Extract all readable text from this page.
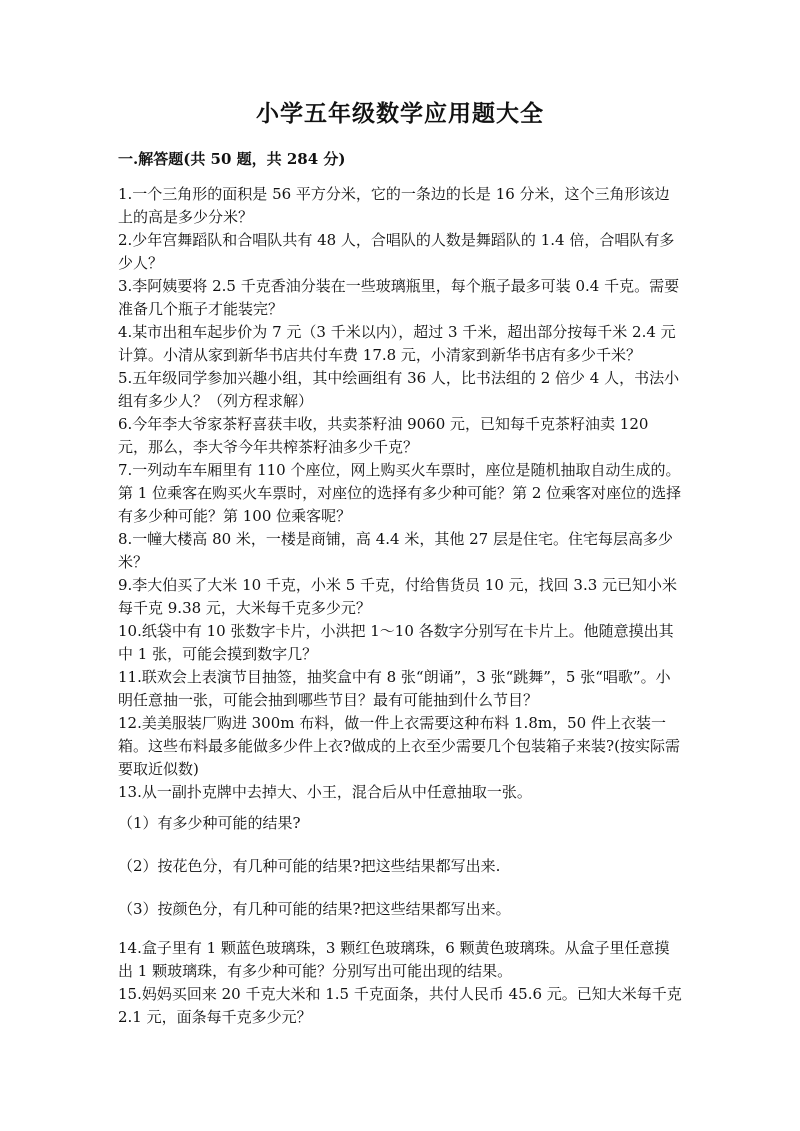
小学五年级数学应用题大全
一.解答题(共 50 题，共 284 分)

1.一个三角形的面积是 56 平方分米，它的一条边的长是 16 分米，这个三角形该边上的高是多少分米？

2.少年宫舞蹈队和合唱队共有 48 人，合唱队的人数是舞蹈队的 1.4 倍，合唱队有多少人？

3.李阿姨要将 2.5 千克香油分装在一些玻璃瓶里，每个瓶子最多可装 0.4 千克。需要准备几个瓶子才能装完？

4.某市出租车起步价为 7 元（3 千米以内），超过 3 千米，超出部分按每千米 2.4 元计算。小清从家到新华书店共付车费 17.8 元，小清家到新华书店有多少千米？

5.五年级同学参加兴趣小组，其中绘画组有 36 人，比书法组的 2 倍少 4 人，书法小组有多少人？（列方程求解）

6.今年李大爷家茶籽喜获丰收，共卖茶籽油 9060 元，已知每千克茶籽油卖 120 元，那么，李大爷今年共榨茶籽油多少千克？

7.一列动车车厢里有 110 个座位，网上购买火车票时，座位是随机抽取自动生成的。第 1 位乘客在购买火车票时，对座位的选择有多少种可能？第 2 位乘客对座位的选择有多少种可能？第 100 位乘客呢？

8.一幢大楼高 80 米，一楼是商铺，高 4.4 米，其他 27 层是住宅。住宅每层高多少米？

9.李大伯买了大米 10 千克，小米 5 千克，付给售货员 10 元，找回 3.3 元已知小米每千克 9.38 元，大米每千克多少元？

10.纸袋中有 10 张数字卡片，小洪把 1～10 各数字分别写在卡片上。他随意摸出其中 1 张，可能会摸到数字几？

11.联欢会上表演节目抽签，抽奖盒中有 8 张“朗诵”，3 张“跳舞”，5 张“唱歌”。小明任意抽一张，可能会抽到哪些节目？最有可能抽到什么节目？

12.美美服装厂购进 300m 布料，做一件上衣需要这种布料 1.8m，50 件上衣装一箱。这些布料最多能做多少件上衣?做成的上衣至少需要几个包装箱子来装?(按实际需要取近似数)

13.从一副扑克牌中去掉大、小王，混合后从中任意抽取一张。

（1）有多少种可能的结果?

（2）按花色分，有几种可能的结果?把这些结果都写出来.

（3）按颜色分，有几种可能的结果?把这些结果都写出来。

14.盒子里有 1 颗蓝色玻璃珠，3 颗红色玻璃珠，6 颗黄色玻璃珠。从盒子里任意摸出 1 颗玻璃珠，有多少种可能？分别写出可能出现的结果。

15.妈妈买回来 20 千克大米和 1.5 千克面条，共付人民币 45.6 元。已知大米每千克 2.1 元，面条每千克多少元？
